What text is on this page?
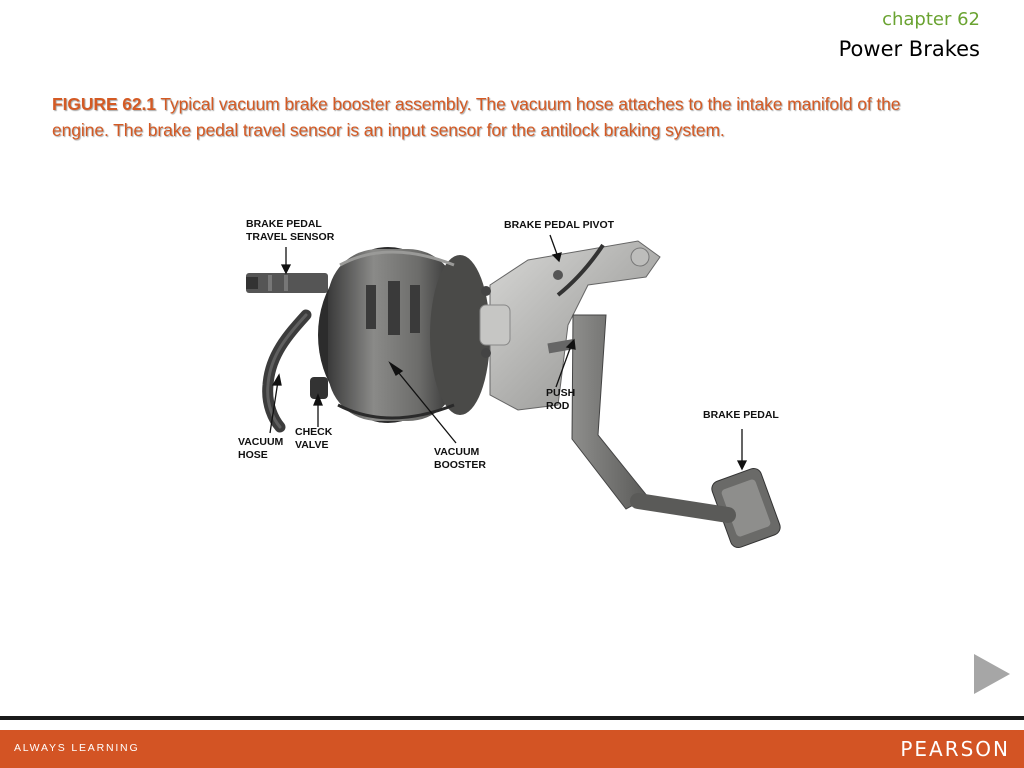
chapter 62
Power Brakes
FIGURE 62.1 Typical vacuum brake booster assembly. The vacuum hose attaches to the intake manifold of the engine. The brake pedal travel sensor is an input sensor for the antilock braking system.
BRAKE PEDAL
TRAVEL SENSOR
BRAKE PEDAL PIVOT
PUSH
ROD
BRAKE PEDAL
VACUUM
HOSE
CHECK
VALVE
VACUUM
BOOSTER
ALWAYS LEARNING	PEARSON
